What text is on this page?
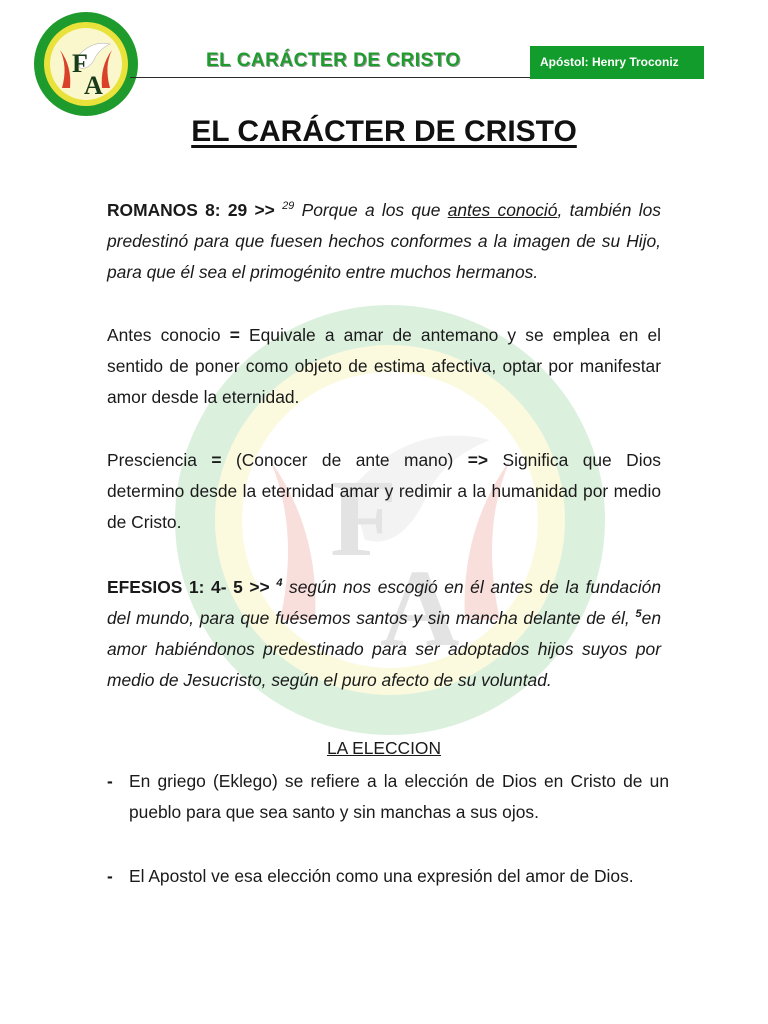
F
A
EL CARÁCTER DE CRISTO	Apóstol: Henry Troconiz
F
A
EL CARÁCTER DE CRISTO
ROMANOS 8: 29 >> $^{29}$ Porque a los que antes conoció, también los
predestinó para que fuesen hechos conformes a la imagen de su Hijo,
para que él sea el primogénito entre muchos hermanos.
Antes conocio = Equivale a amar de antemano y se emplea en el
sentido de poner como objeto de estima afectiva, optar por manifestar
amor desde la eternidad.
Presciencia = (Conocer de ante mano) => Significa que Dios
determino desde la eternidad amar y redimir a la humanidad por medio
de Cristo.
EFESIOS 1: 4- 5 >> $^4$ según nos escogió en él antes de la fundación
del mundo, para que fuésemos santos y sin mancha delante de él, $^5$en
amor habiéndonos predestinado para ser adoptados hijos suyos por
medio de Jesucristo, según el puro afecto de su voluntad.
LA ELECCION
- En griego (Eklego) se refiere a la elección de Dios en Cristo de un
pueblo para que sea santo y sin manchas a sus ojos.
- El Apostol ve esa elección como una expresión del amor de Dios.
